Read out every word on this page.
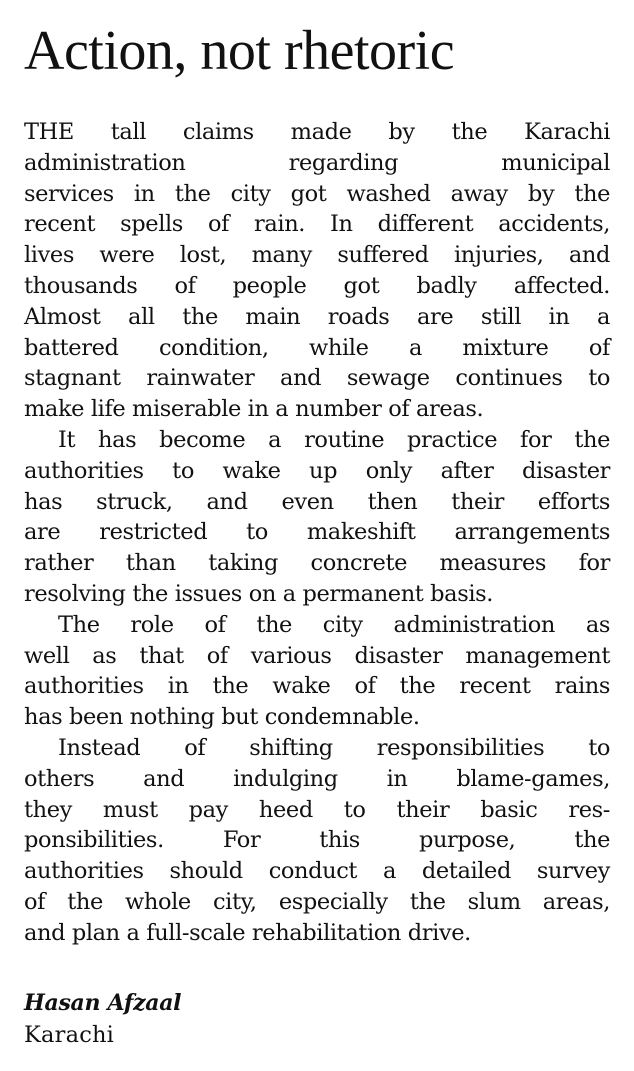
Action, not rhetoric
THE tall claims made by the Karachi
administration regarding municipal
services in the city got washed away by the
recent spells of rain. In different accidents,
lives were lost, many suffered injuries, and
thousands of people got badly affected.
Almost all the main roads are still in a
battered condition, while a mixture of
stagnant rainwater and sewage continues to
make life miserable in a number of areas.
It has become a routine practice for the
authorities to wake up only after disaster
has struck, and even then their efforts
are restricted to makeshift arrangements
rather than taking concrete measures for
resolving the issues on a permanent basis.
The role of the city administration as
well as that of various disaster management
authorities in the wake of the recent rains
has been nothing but condemnable.
Instead of shifting responsibilities to
others and indulging in blame-games,
they must pay heed to their basic res-
ponsibilities. For this purpose, the
authorities should conduct a detailed survey
of the whole city, especially the slum areas,
and plan a full-scale rehabilitation drive.
Hasan Afzaal
Karachi
